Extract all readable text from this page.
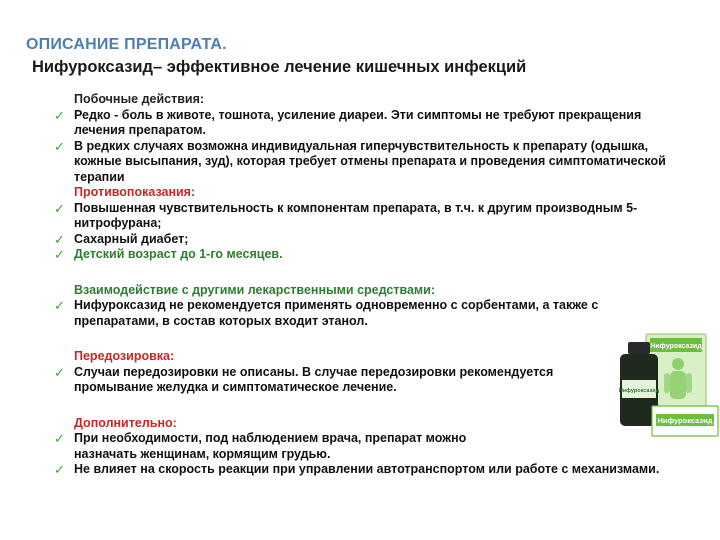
ОПИСАНИЕ ПРЕПАРАТА.
Нифуроксазид– эффективное лечение кишечных инфекций
Побочные действия:
✓ Редко - боль в животе, тошнота, усиление диареи. Эти симптомы не требуют прекращения лечения препаратом.
✓ В редких случаях возможна индивидуальная гиперчувствительность к препарату (одышка, кожные высыпания, зуд), которая требует отмены препарата и проведения симптоматической терапии
Противопоказания:
✓ Повышенная чувствительность к компонентам препарата, в т.ч. к другим производным 5-нитрофурана;
✓ Сахарный диабет;
✓ Детский возраст до 1-го месяцев.
Взаимодействие с другими лекарственными средствами:
✓ Нифуроксазид не рекомендуется применять одновременно с сорбентами, а также с препаратами, в состав которых входит этанол.
Передозировка:
✓ Случаи передозировки не описаны. В случае передозировки рекомендуется промывание желудка и симптоматическое лечение.
Дополнительно:
✓ При необходимости, под наблюдением врача, препарат можно назначать женщинам, кормящим грудью.
✓ Не влияет на скорость реакции при управлении автотранспортом или работе с механизмами.
Нифуроксазид
Нифуроксазид
Нифуроксазид
